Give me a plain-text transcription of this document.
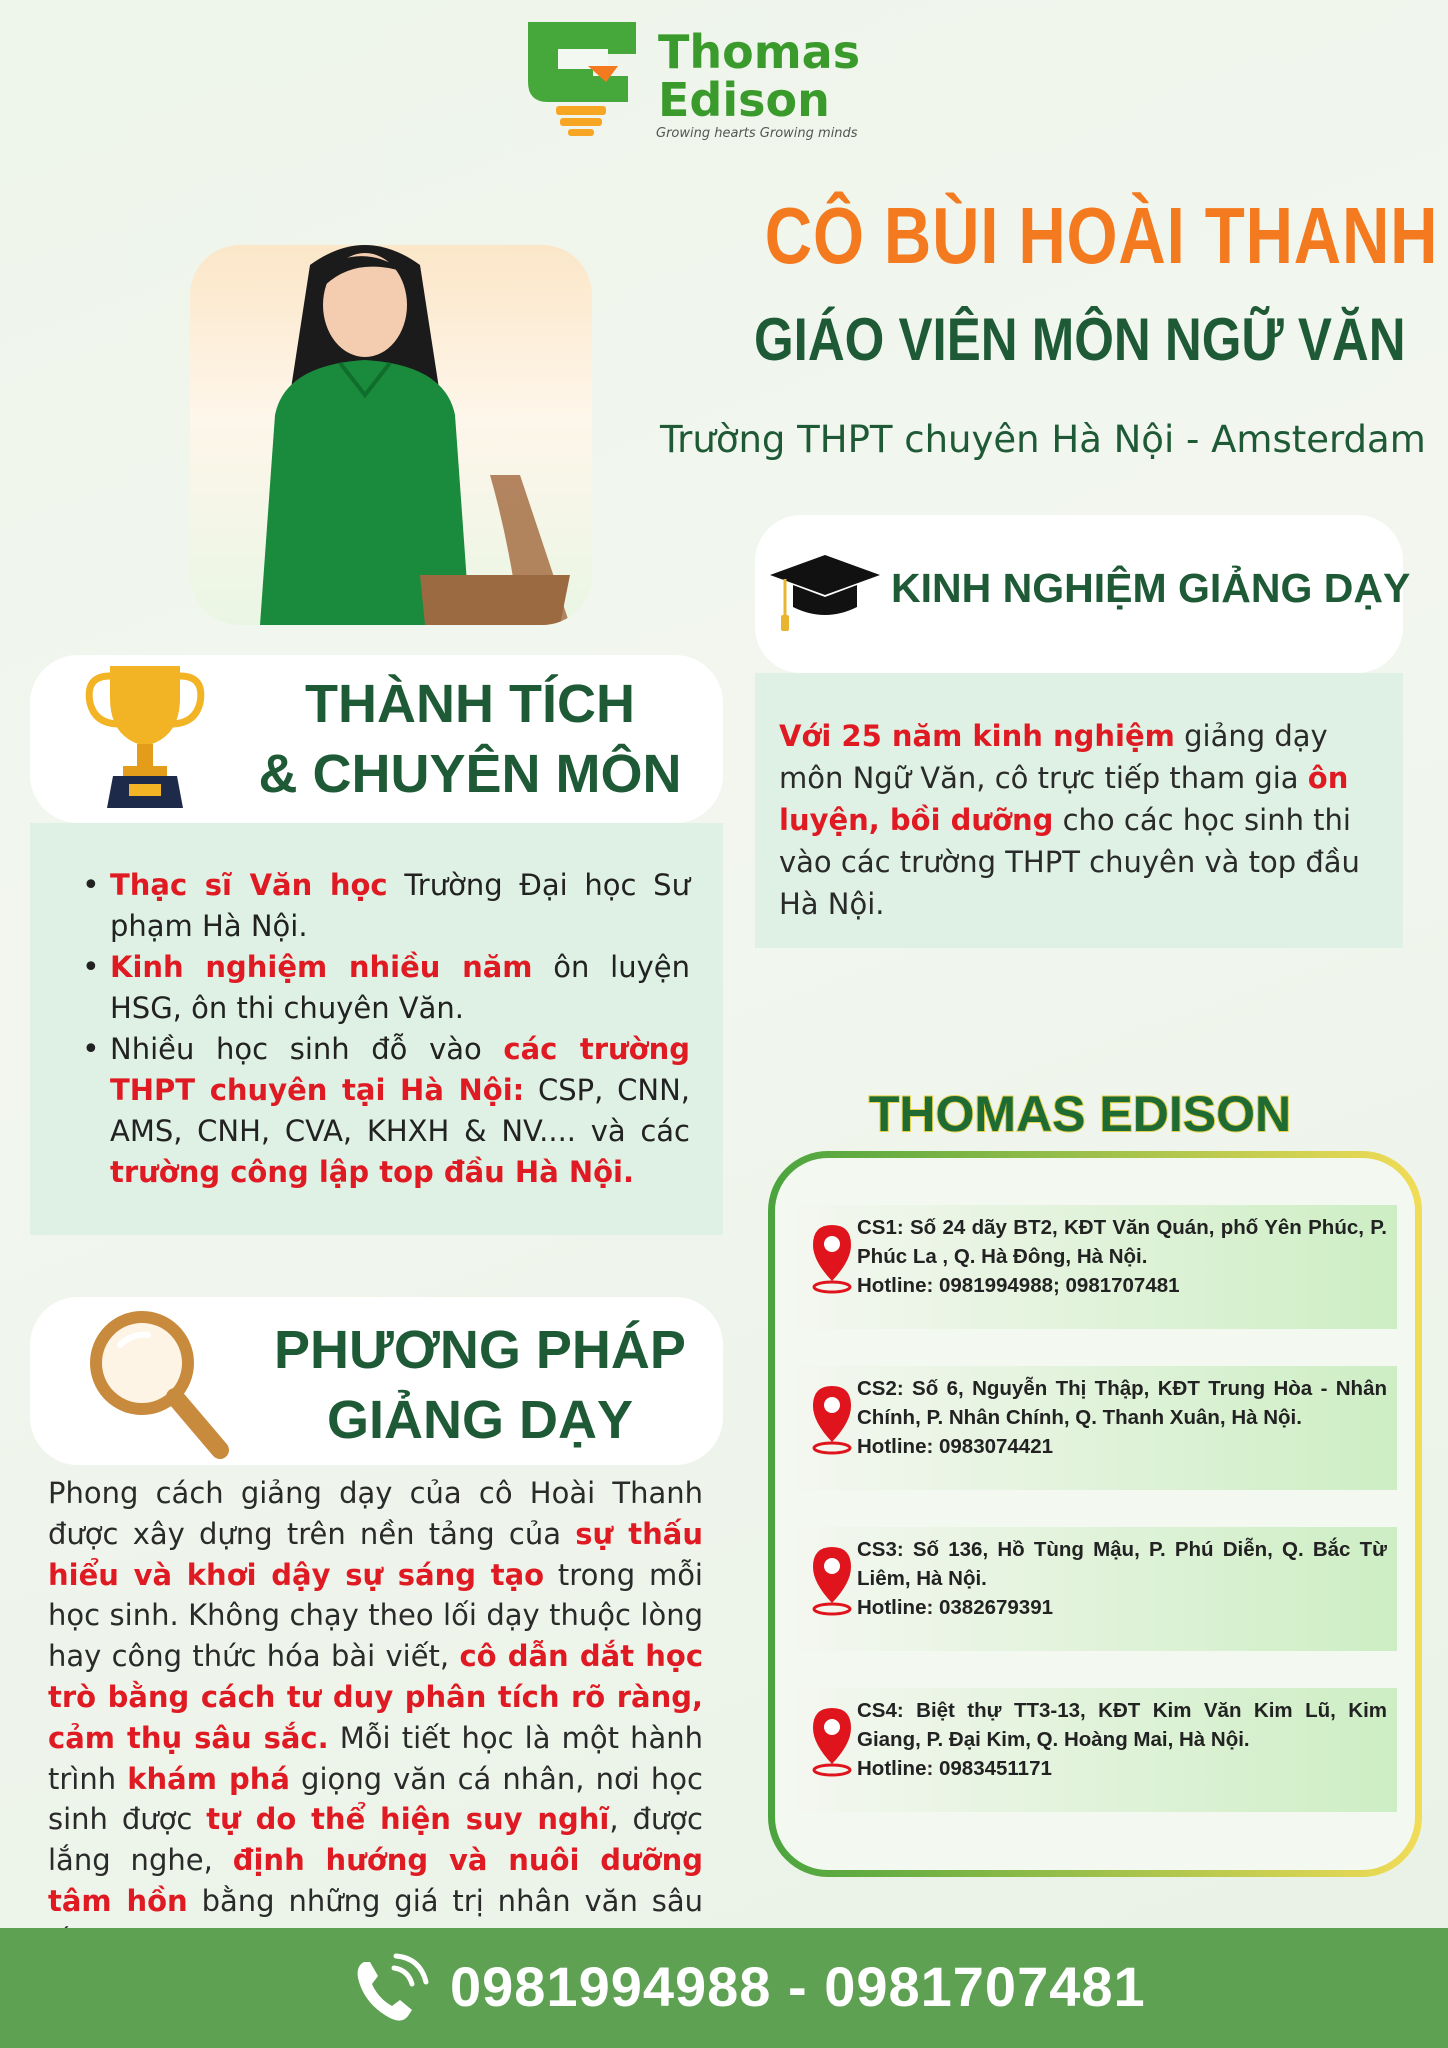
Thomas
Edison
Growing hearts Growing minds
CÔ BÙI HOÀI THANH
GIÁO VIÊN MÔN NGỮ VĂN
Trường THPT chuyên Hà Nội - Amsterdam
KINH NGHIỆM GIẢNG DẠY

Với 25 năm kinh nghiệm giảng dạy môn Ngữ Văn, cô trực tiếp tham gia ôn luyện, bồi dưỡng cho các học sinh thi vào các trường THPT chuyên và top đầu Hà Nội.

THÀNH TÍCH
& CHUYÊN MÔN
• Thạc sĩ Văn học Trường Đại học Sư phạm Hà Nội.
• Kinh nghiệm nhiều năm ôn luyện HSG, ôn thi chuyên Văn.
• Nhiều học sinh đỗ vào các trường THPT chuyên tại Hà Nội: CSP, CNN, AMS, CNH, CVA, KHXH & NV.... và các trường công lập top đầu Hà Nội.
PHƯƠNG PHÁP
GIẢNG DẠY
Phong cách giảng dạy của cô Hoài Thanh được xây dựng trên nền tảng của sự thấu hiểu và khơi dậy sự sáng tạo trong mỗi học sinh. Không chạy theo lối dạy thuộc lòng hay công thức hóa bài viết, cô dẫn dắt học trò bằng cách tư duy phân tích rõ ràng, cảm thụ sâu sắc. Mỗi tiết học là một hành trình khám phá giọng văn cá nhân, nơi học sinh được tự do thể hiện suy nghĩ, được lắng nghe, định hướng và nuôi dưỡng tâm hồn bằng những giá trị nhân văn sâu
THOMAS EDISON
CS1: Số 24 dãy BT2, KĐT Văn Quán, phố Yên Phúc, P. Phúc La , Q. Hà Đông, Hà Nội.
Hotline: 0981994988; 0981707481
CS2: Số 6, Nguyễn Thị Thập, KĐT Trung Hòa - Nhân Chính, P. Nhân Chính, Q. Thanh Xuân, Hà Nội.
Hotline: 0983074421
CS3: Số 136, Hồ Tùng Mậu, P. Phú Diễn, Q. Bắc Từ Liêm, Hà Nội.
Hotline: 0382679391
CS4: Biệt thự TT3-13, KĐT Kim Văn Kim Lũ, Kim Giang, P. Đại Kim, Q. Hoàng Mai, Hà Nội.
Hotline: 0983451171
0981994988 - 0981707481
